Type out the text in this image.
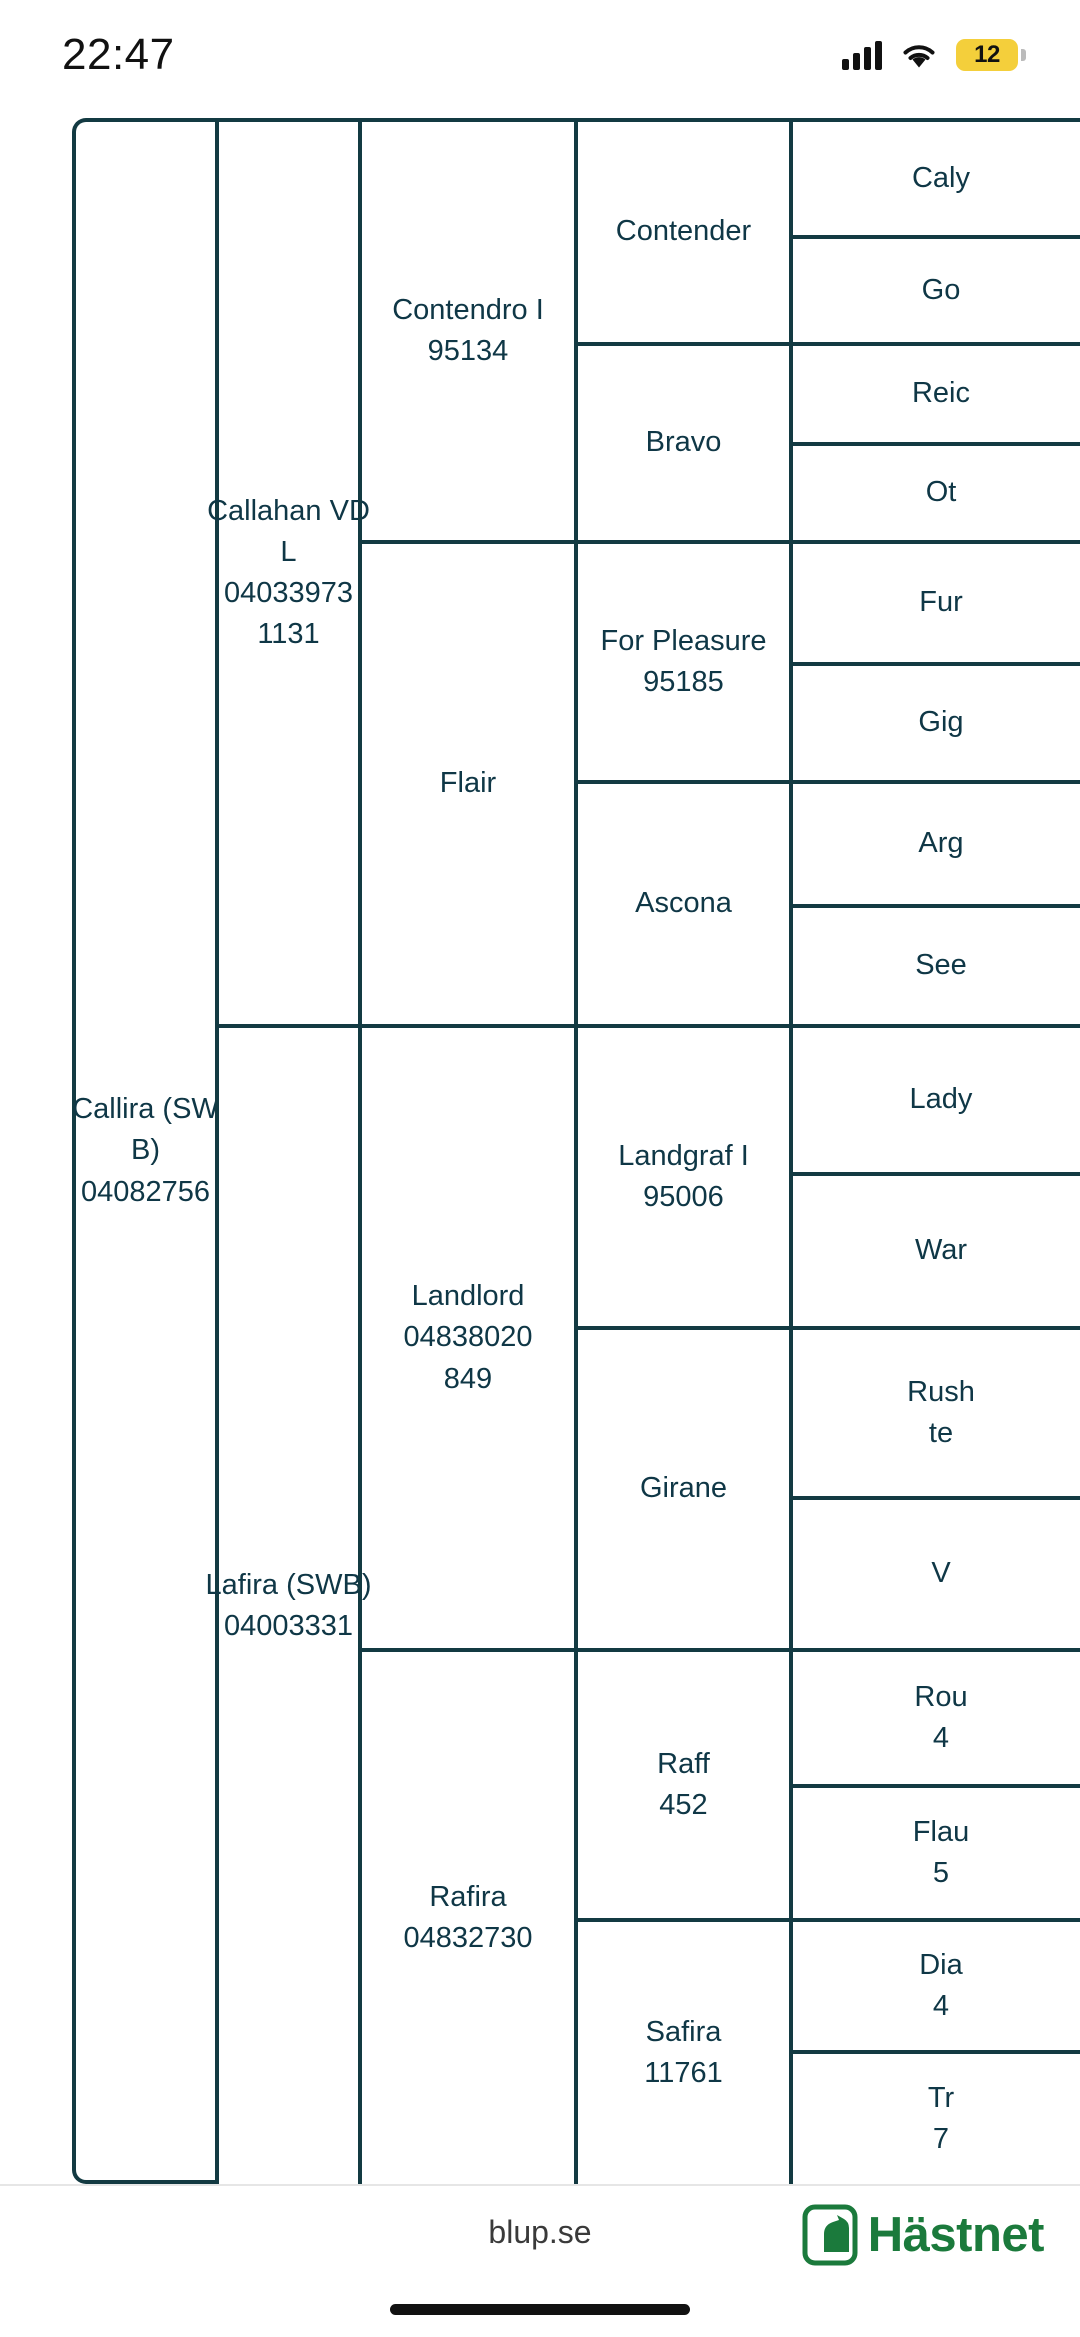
22:47	12
Callira (SW
B)
04082756
Callahan VD
L
04033973
1131
Lafira (SWB)
04003331
Contendro I
95134
Flair
Landlord
04838020
849
Rafira
04832730
Contender
Bravo
For Pleasure
95185
Ascona
Landgraf I
95006
Girane
Raff
452
Safira
11761
Caly
Go
Reic
Ot
Fur
Gig
Arg
See
Lady
War
Rush
te
V
Rou
4
Flau
5
Dia
4
Tr
7
blup.se	Hästnet
